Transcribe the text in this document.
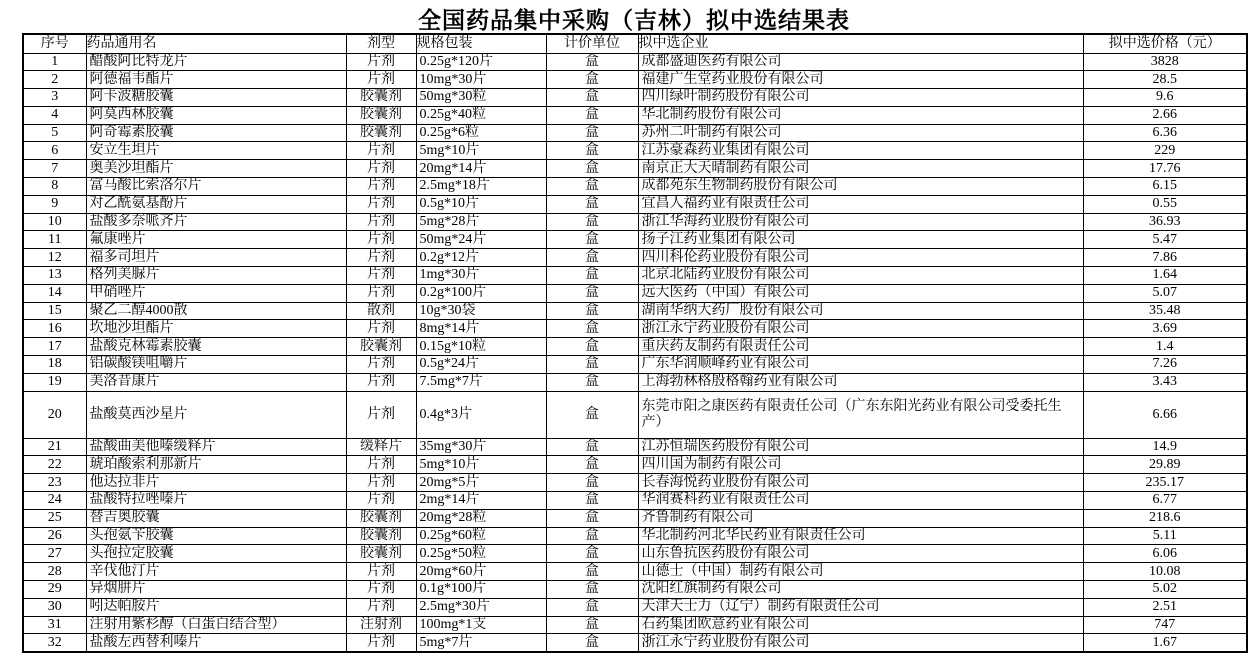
全国药品集中采购（吉林）拟中选结果表
序号	药品通用名	剂型	规格包装	计价单位	拟中选企业	拟中选价格（元）
1	醋酸阿比特龙片	片剂	0.25g*120片	盒	成都盛迪医药有限公司	3828
2	阿德福韦酯片	片剂	10mg*30片	盒	福建广生堂药业股份有限公司	28.5
3	阿卡波糖胶囊	胶囊剂	50mg*30粒	盒	四川绿叶制药股份有限公司	9.6
4	阿莫西林胶囊	胶囊剂	0.25g*40粒	盒	华北制药股份有限公司	2.66
5	阿奇霉素胶囊	胶囊剂	0.25g*6粒	盒	苏州二叶制药有限公司	6.36
6	安立生坦片	片剂	5mg*10片	盒	江苏豪森药业集团有限公司	229
7	奥美沙坦酯片	片剂	20mg*14片	盒	南京正大天晴制药有限公司	17.76
8	富马酸比索洛尔片	片剂	2.5mg*18片	盒	成都苑东生物制药股份有限公司	6.15
9	对乙酰氨基酚片	片剂	0.5g*10片	盒	宜昌人福药业有限责任公司	0.55
10	盐酸多奈哌齐片	片剂	5mg*28片	盒	浙江华海药业股份有限公司	36.93
11	氟康唑片	片剂	50mg*24片	盒	扬子江药业集团有限公司	5.47
12	福多司坦片	片剂	0.2g*12片	盒	四川科伦药业股份有限公司	7.86
13	格列美脲片	片剂	1mg*30片	盒	北京北陆药业股份有限公司	1.64
14	甲硝唑片	片剂	0.2g*100片	盒	远大医药（中国）有限公司	5.07
15	聚乙二醇4000散	散剂	10g*30袋	盒	湖南华纳大药厂股份有限公司	35.48
16	坎地沙坦酯片	片剂	8mg*14片	盒	浙江永宁药业股份有限公司	3.69
17	盐酸克林霉素胶囊	胶囊剂	0.15g*10粒	盒	重庆药友制药有限责任公司	1.4
18	铝碳酸镁咀嚼片	片剂	0.5g*24片	盒	广东华润顺峰药业有限公司	7.26
19	美洛昔康片	片剂	7.5mg*7片	盒	上海勃林格殷格翰药业有限公司	3.43
20	盐酸莫西沙星片	片剂	0.4g*3片	盒	东莞市阳之康医药有限责任公司（广东东阳光药业有限公司受委托生产）	6.66
21	盐酸曲美他嗪缓释片	缓释片	35mg*30片	盒	江苏恒瑞医药股份有限公司	14.9
22	琥珀酸索利那新片	片剂	5mg*10片	盒	四川国为制药有限公司	29.89
23	他达拉非片	片剂	20mg*5片	盒	长春海悦药业股份有限公司	235.17
24	盐酸特拉唑嗪片	片剂	2mg*14片	盒	华润赛科药业有限责任公司	6.77
25	替吉奥胶囊	胶囊剂	20mg*28粒	盒	齐鲁制药有限公司	218.6
26	头孢氨苄胶囊	胶囊剂	0.25g*60粒	盒	华北制药河北华民药业有限责任公司	5.11
27	头孢拉定胶囊	胶囊剂	0.25g*50粒	盒	山东鲁抗医药股份有限公司	6.06
28	辛伐他汀片	片剂	20mg*60片	盒	山德士（中国）制药有限公司	10.08
29	异烟肼片	片剂	0.1g*100片	盒	沈阳红旗制药有限公司	5.02
30	吲达帕胺片	片剂	2.5mg*30片	盒	天津天士力（辽宁）制药有限责任公司	2.51
31	注射用紫杉醇（白蛋白结合型）	注射剂	100mg*1支	盒	石药集团欧意药业有限公司	747
32	盐酸左西替利嗪片	片剂	5mg*7片	盒	浙江永宁药业股份有限公司	1.67
